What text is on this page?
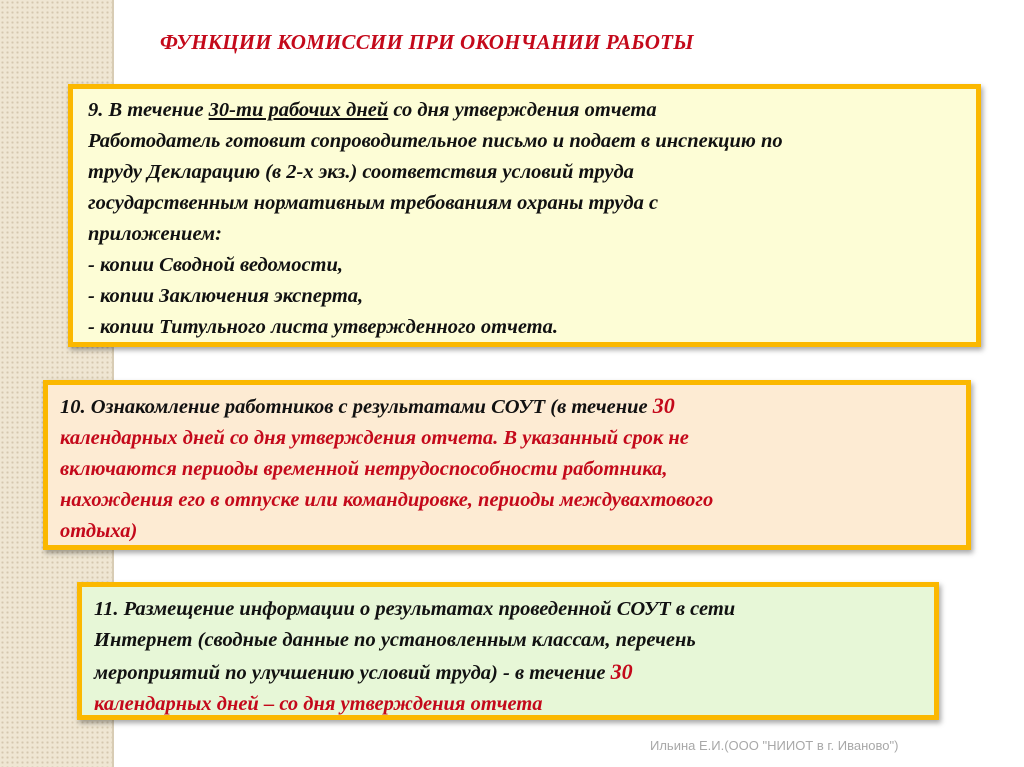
ФУНКЦИИ КОМИССИИ ПРИ ОКОНЧАНИИ РАБОТЫ

9. В течение 30-ти рабочих дней со дня утверждения отчета

Работодатель готовит сопроводительное письмо и подает в инспекцию по

труду Декларацию (в 2-х экз.) соответствия условий труда

государственным нормативным требованиям охраны труда с

приложением:

- копии Сводной ведомости,

- копии Заключения эксперта,

- копии Титульного листа утвержденного отчета.

10. Ознакомление работников с результатами СОУТ (в течение 30

календарных дней со дня утверждения отчета. В указанный срок не

включаются периоды временной нетрудоспособности работника,

нахождения его в отпуске или командировке, периоды междувахтового

отдыха)

11. Размещение информации о результатах проведенной СОУТ в сети

Интернет (сводные данные по установленным классам, перечень

мероприятий по улучшению условий труда) - в течение 30

календарных дней – со дня утверждения отчета

Ильина Е.И.(ООО "НИИОТ в г. Иваново")
